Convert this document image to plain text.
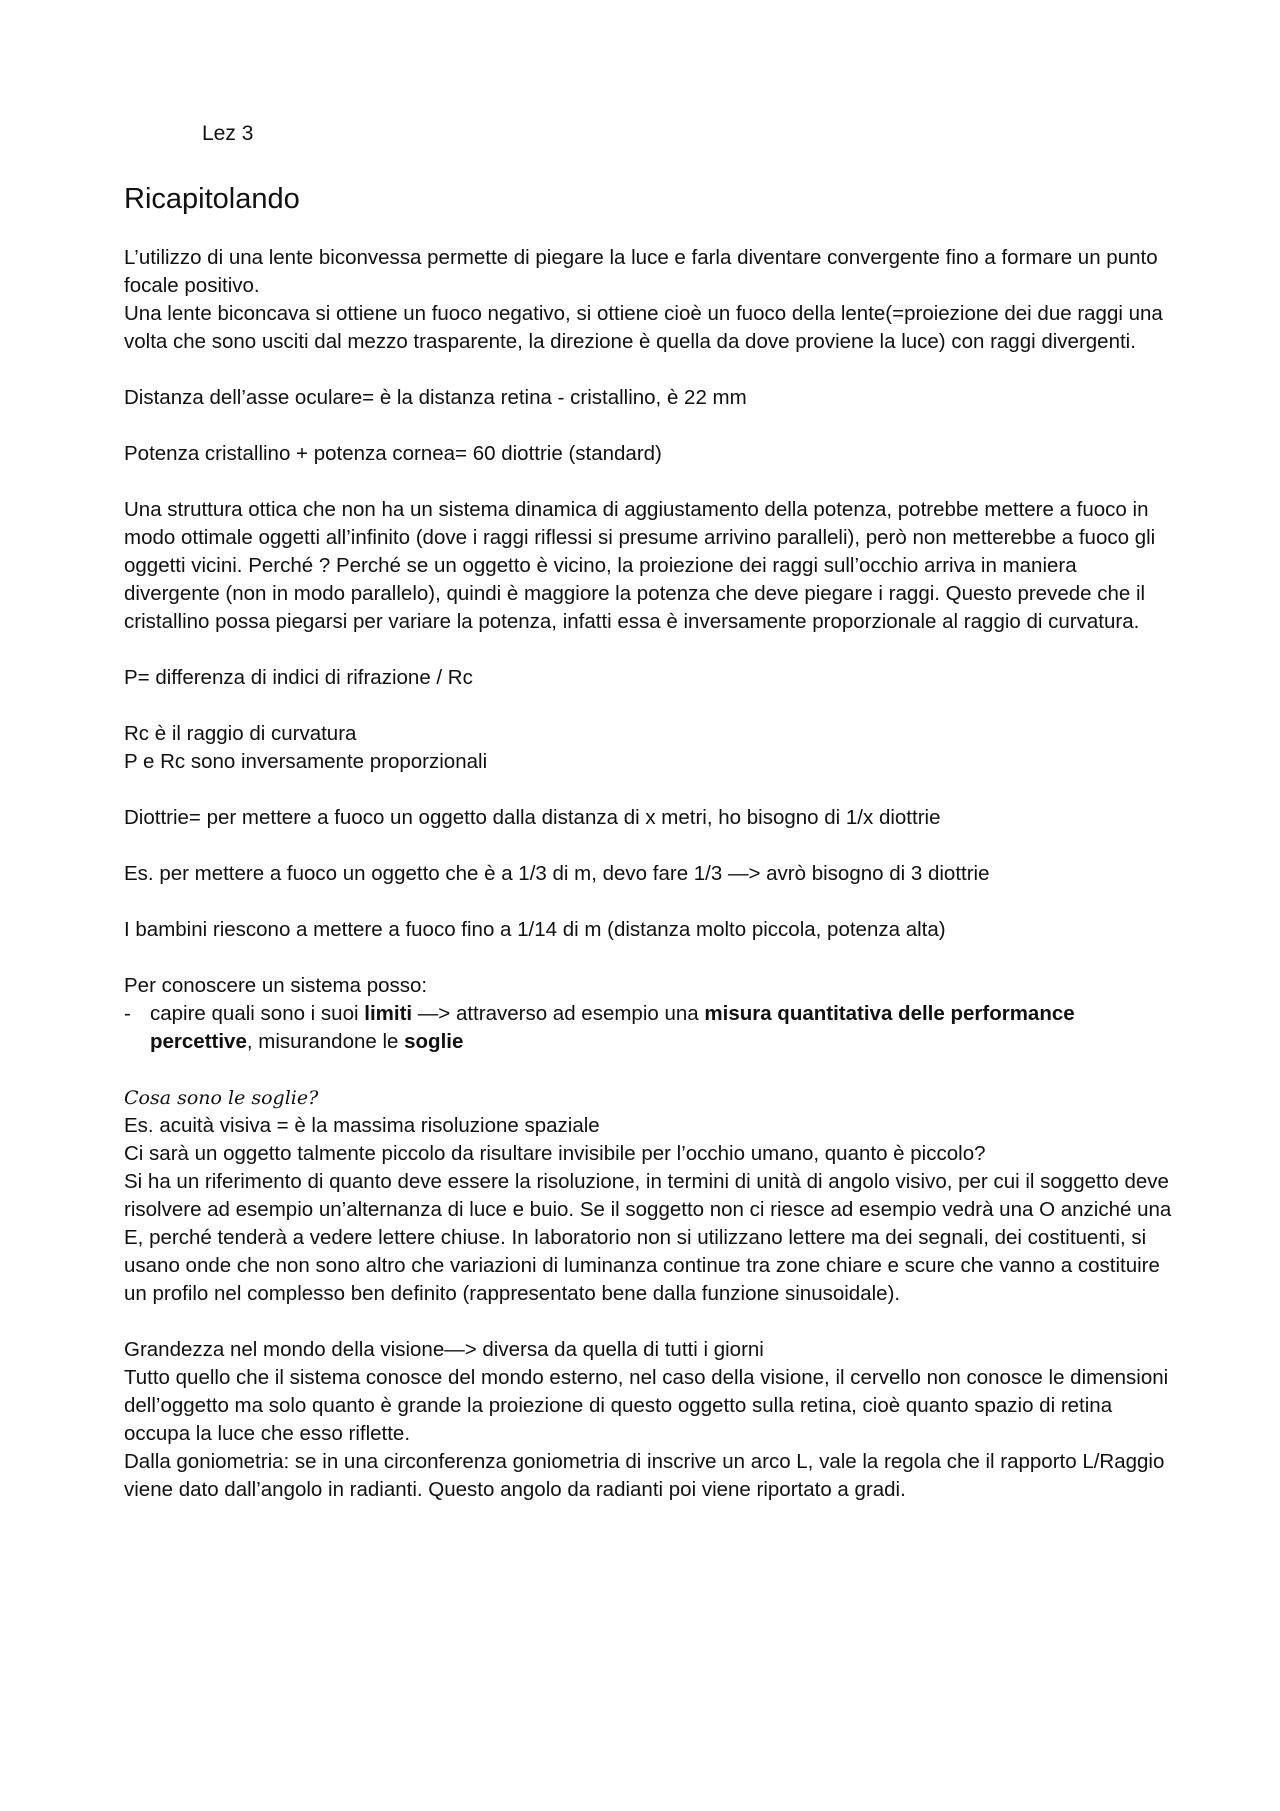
Lez 3
Ricapitolando

L’utilizzo di una lente biconvessa permette di piegare la luce e farla diventare convergente fino a formare un punto focale positivo.

Una lente biconcava si ottiene un fuoco negativo, si ottiene cioè un fuoco della lente(=proiezione dei due raggi una volta che sono usciti dal mezzo trasparente, la direzione è quella da dove proviene la luce) con raggi divergenti.

Distanza dell’asse oculare= è la distanza retina - cristallino, è 22 mm

Potenza cristallino + potenza cornea= 60 diottrie (standard)

Una struttura ottica che non ha un sistema dinamica di aggiustamento della potenza, potrebbe mettere a fuoco in modo ottimale oggetti all’infinito (dove i raggi riflessi si presume arrivino paralleli), però non metterebbe a fuoco gli oggetti vicini. Perché ? Perché se un oggetto è vicino, la proiezione dei raggi sull’occhio arriva in maniera divergente (non in modo parallelo), quindi è maggiore la potenza che deve piegare i raggi. Questo prevede che il cristallino possa piegarsi per variare la potenza, infatti essa è inversamente proporzionale al raggio di curvatura.

P= differenza di indici di rifrazione / Rc

Rc è il raggio di curvatura

P e Rc sono inversamente proporzionali

Diottrie= per mettere a fuoco un oggetto dalla distanza di x metri, ho bisogno di 1/x diottrie

Es. per mettere a fuoco un oggetto che è a 1/3 di m, devo fare 1/3 —> avrò bisogno di 3 diottrie

I bambini riescono a mettere a fuoco fino a 1/14 di m (distanza molto piccola, potenza alta)

Per conoscere un sistema posso:

- capire quali sono i suoi limiti —> attraverso ad esempio una misura quantitativa delle performance percettive, misurandone le soglie

Cosa sono le soglie?

Es. acuità visiva = è la massima risoluzione spaziale

Ci sarà un oggetto talmente piccolo da risultare invisibile per l’occhio umano, quanto è piccolo?

Si ha un riferimento di quanto deve essere la risoluzione, in termini di unità di angolo visivo, per cui il soggetto deve risolvere ad esempio un’alternanza di luce e buio. Se il soggetto non ci riesce ad esempio vedrà una O anziché una E, perché tenderà a vedere lettere chiuse. In laboratorio non si utilizzano lettere ma dei segnali, dei costituenti, si usano onde che non sono altro che variazioni di luminanza continue tra zone chiare e scure che vanno a costituire un profilo nel complesso ben definito (rappresentato bene dalla funzione sinusoidale).

Grandezza nel mondo della visione—> diversa da quella di tutti i giorni

Tutto quello che il sistema conosce del mondo esterno, nel caso della visione, il cervello non conosce le dimensioni dell’oggetto ma solo quanto è grande la proiezione di questo oggetto sulla retina, cioè quanto spazio di retina occupa la luce che esso riflette.

Dalla goniometria: se in una circonferenza goniometria di inscrive un arco L, vale la regola che il rapporto L/Raggio viene dato dall’angolo in radianti. Questo angolo da radianti poi viene riportato a gradi.
